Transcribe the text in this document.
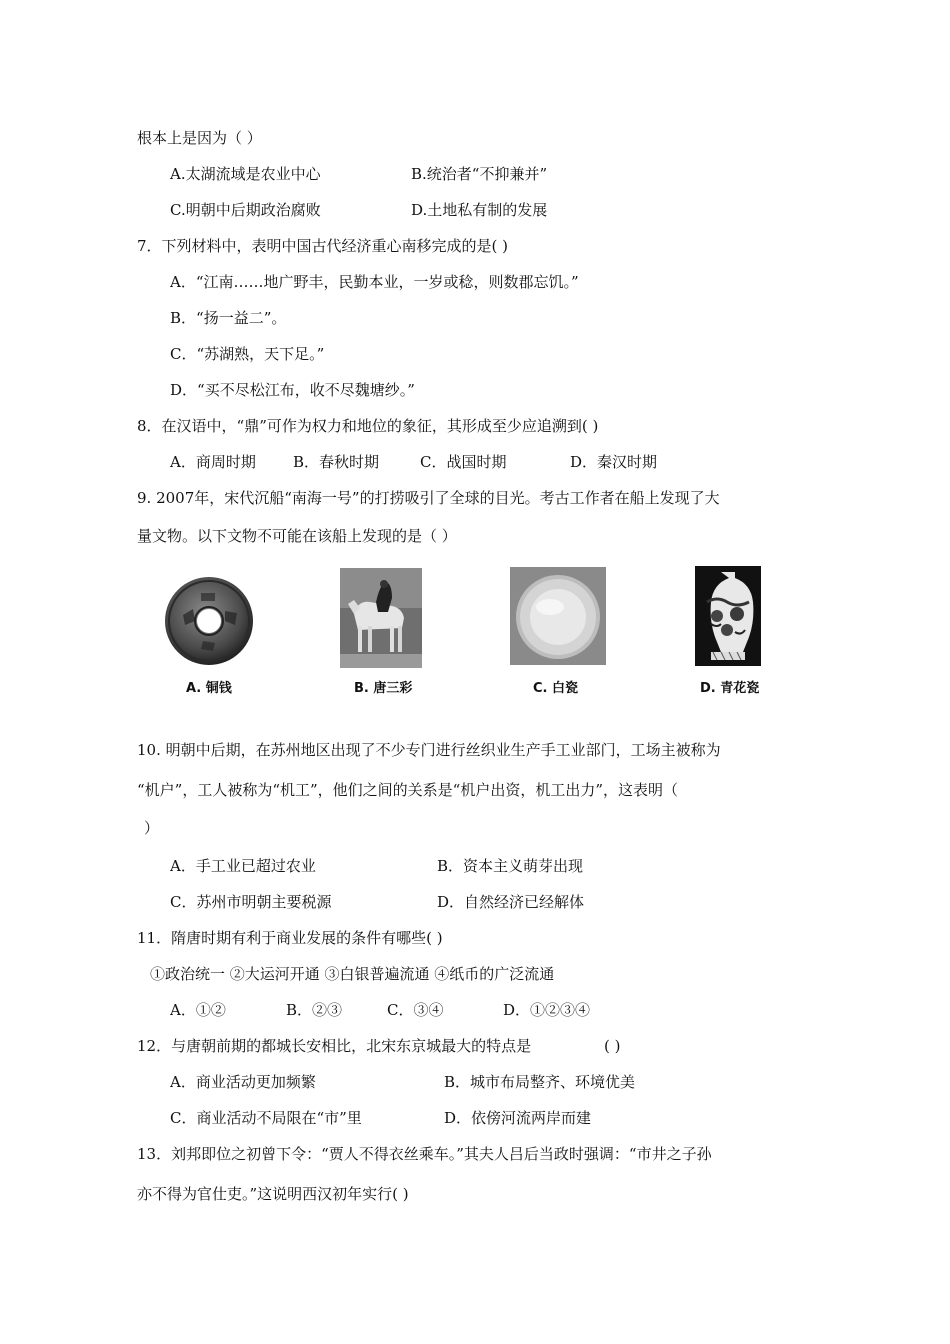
根本上是因为（ ）
A.太湖流域是农业中心	B.统治者“不抑兼并”
C.明朝中后期政治腐败	D.土地私有制的发展
7．下列材料中，表明中国古代经济重心南移完成的是( )
A．“江南……地广野丰，民勤本业，一岁或稔，则数郡忘饥。”
B．“扬一益二”。
C．“苏湖熟，天下足。”
D．“买不尽松江布，收不尽魏塘纱。”
8．在汉语中，“鼎”可作为权力和地位的象征，其形成至少应追溯到( )
A．商周时期 B．春秋时期	C．战国时期	D．秦汉时期
9. 2007年，宋代沉船“南海一号”的打捞吸引了全球的目光。考古工作者在船上发现了大
量文物。以下文物不可能在该船上发现的是（ ）
A. 铜钱	B. 唐三彩	C. 白瓷	D. 青花瓷
10. 明朝中后期，在苏州地区出现了不少专门进行丝织业生产手工业部门，工场主被称为
“机户”，工人被称为“机工”，他们之间的关系是“机户出资，机工出力”，这表明（
）
A．手工业已超过农业	B．资本主义萌芽出现
C．苏州市明朝主要税源	D．自然经济已经解体
11．隋唐时期有利于商业发展的条件有哪些( )
①政治统一 ②大运河开通 ③白银普遍流通 ④纸币的广泛流通
A．①②	B．②③	C．③④	D．①②③④
12．与唐朝前期的都城长安相比，北宋东京城最大的特点是	( )
A．商业活动更加频繁	B．城市布局整齐、环境优美
C．商业活动不局限在“市”里	D．依傍河流两岸而建
13．刘邦即位之初曾下令：“贾人不得衣丝乘车。”其夫人吕后当政时强调：“市井之子孙
亦不得为官仕吏。”这说明西汉初年实行( )
